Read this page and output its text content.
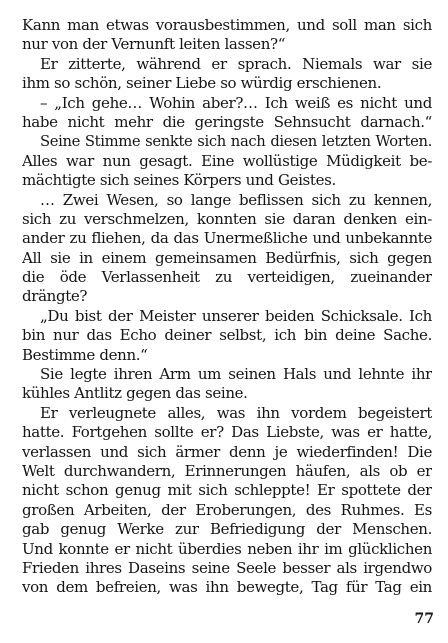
Kann man etwas vorausbestimmen, und soll man sich
nur von der Vernunft leiten lassen?“
Er zitterte, während er sprach. Niemals war sie
ihm so schön, seiner Liebe so würdig erschienen.
– „Ich gehe… Wohin aber?… Ich weiß es nicht und
habe nicht mehr die geringste Sehnsucht darnach.“
Seine Stimme senkte sich nach diesen letzten Worten.
Alles war nun gesagt. Eine wollüstige Müdigkeit be-
mächtigte sich seines Körpers und Geistes.
… Zwei Wesen, so lange beflissen sich zu kennen,
sich zu verschmelzen, konnten sie daran denken ein-
ander zu fliehen, da das Unermeßliche und unbekannte
All sie in einem gemeinsamen Bedürfnis, sich gegen
die öde Verlassenheit zu verteidigen, zueinander
drängte?
„Du bist der Meister unserer beiden Schicksale. Ich
bin nur das Echo deiner selbst, ich bin deine Sache.
Bestimme denn.“
Sie legte ihren Arm um seinen Hals und lehnte ihr
kühles Antlitz gegen das seine.
Er verleugnete alles, was ihn vordem begeistert
hatte. Fortgehen sollte er? Das Liebste, was er hatte,
verlassen und sich ärmer denn je wiederfinden! Die
Welt durchwandern, Erinnerungen häufen, als ob er
nicht schon genug mit sich schleppte! Er spottete der
großen Arbeiten, der Eroberungen, des Ruhmes. Es
gab genug Werke zur Befriedigung der Menschen.
Und konnte er nicht überdies neben ihr im glücklichen
Frieden ihres Daseins seine Seele besser als irgendwo
von dem befreien, was ihn bewegte, Tag für Tag ein
77
